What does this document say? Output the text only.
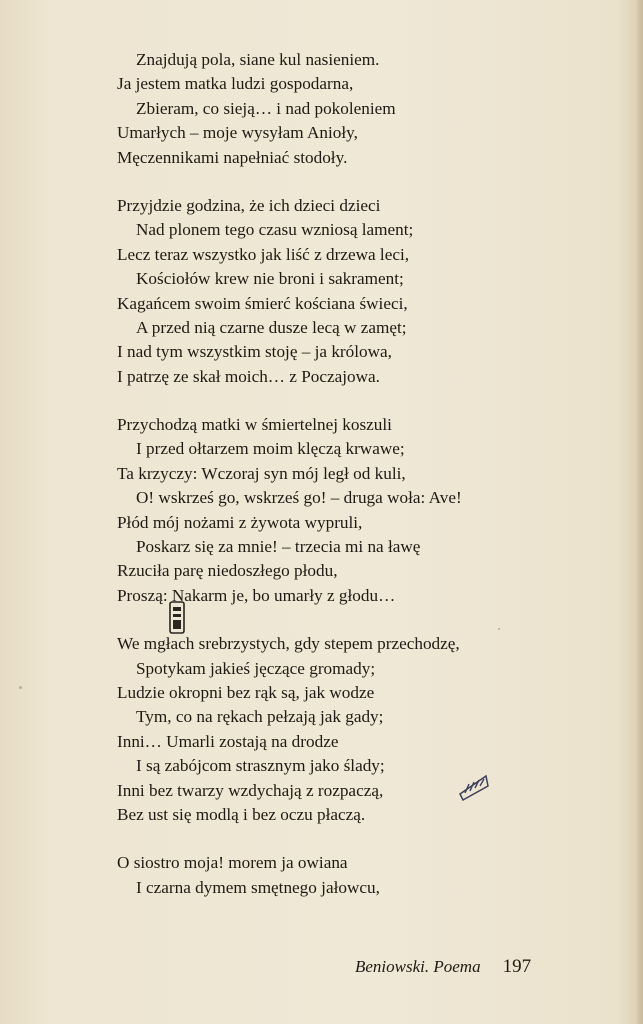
Znajdują pola, siane kul nasieniem.
Ja jestem matka ludzi gospodarna,
Zbieram, co sieją… i nad pokoleniem
Umarłych – moje wysyłam Anioły,
Męczennikami napełniać stodoły.
Przyjdzie godzina, że ich dzieci dzieci
Nad plonem tego czasu wzniosą lament;
Lecz teraz wszystko jak liść z drzewa leci,
Kościołów krew nie broni i sakrament;
Kagańcem swoim śmierć kościana świeci,
A przed nią czarne dusze lecą w zamęt;
I nad tym wszystkim stoję – ja królowa,
I patrzę ze skał moich… z Poczajowa.
Przychodzą matki w śmiertelnej koszuli
I przed ołtarzem moim klęczą krwawe;
Ta krzyczy: Wczoraj syn mój legł od kuli,
O! wskrześ go, wskrześ go! – druga woła: Ave!
Płód mój nożami z żywota wypruli,
Poskarz się za mnie! – trzecia mi na ławę
Rzuciła parę niedoszłego płodu,
Proszą: Nakarm je, bo umarły z głodu…
We mgłach srebrzystych, gdy stepem przechodzę,
Spotykam jakieś jęczące gromady;
Ludzie okropni bez rąk są, jak wodze
Tym, co na rękach pełzają jak gady;
Inni… Umarli zostają na drodze
I są zabójcom strasznym jako ślady;
Inni bez twarzy wzdychają z rozpaczą,
Bez ust się modlą i bez oczu płaczą.
O siostro moja! morem ja owiana
I czarna dymem smętnego jałowcu,
Beniowski. Poema 197
